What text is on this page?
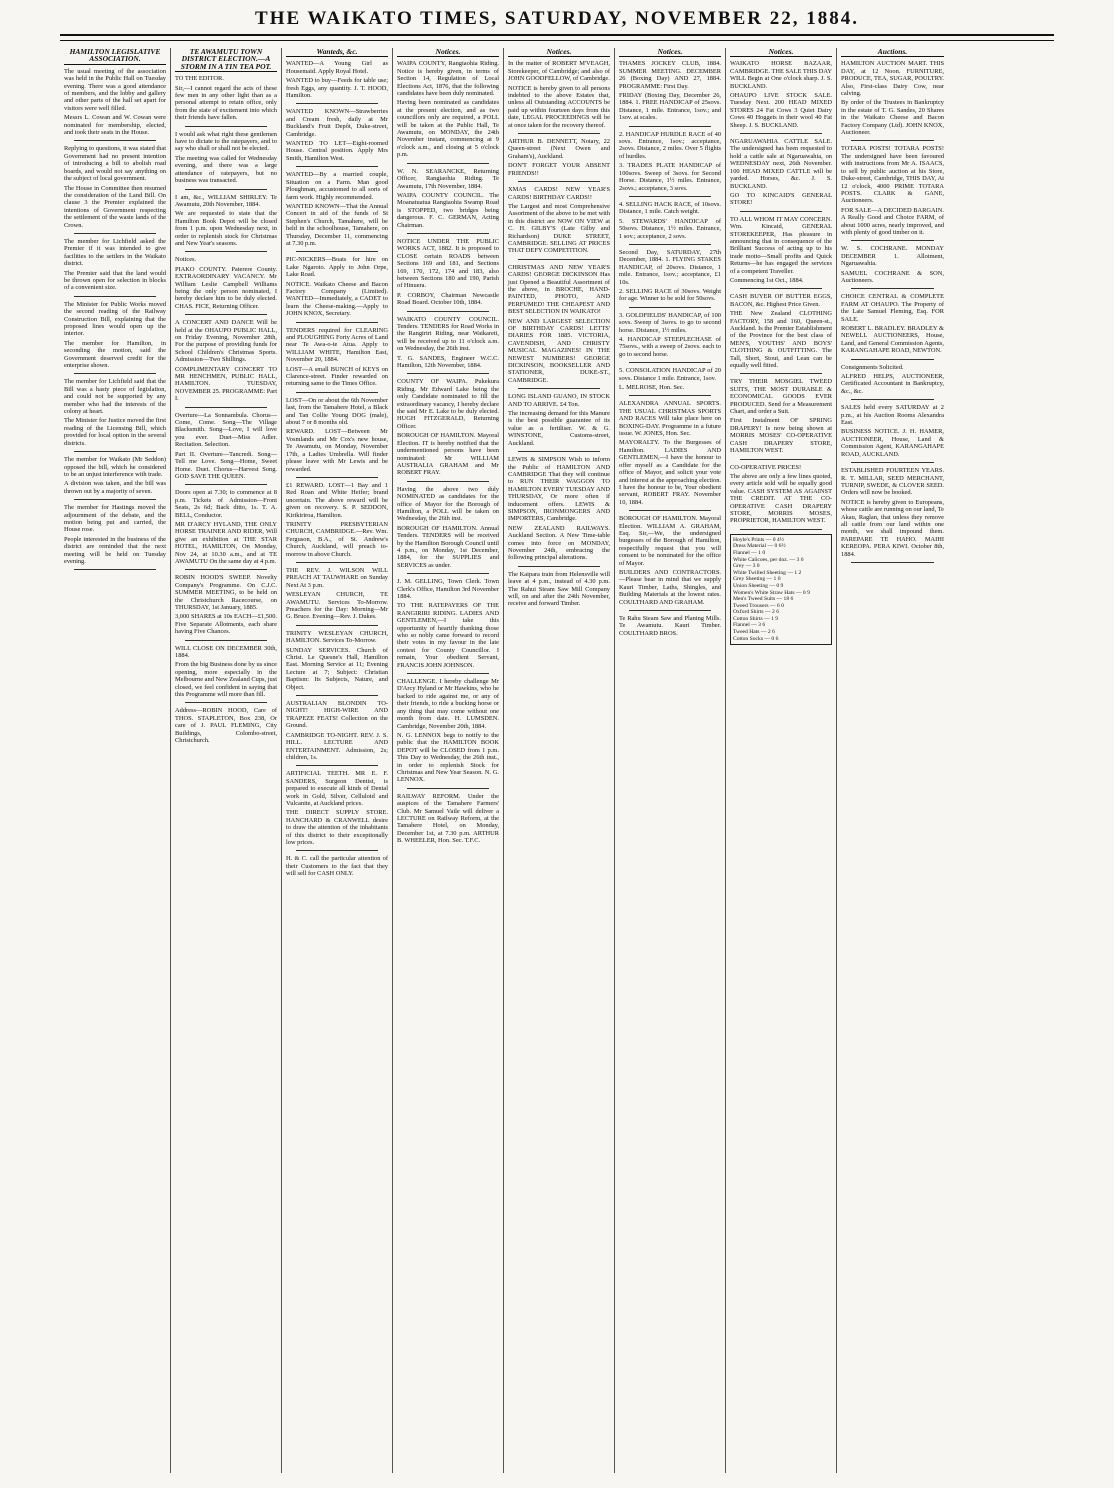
THE WAIKATO TIMES, SATURDAY, NOVEMBER 22, 1884.
HAMILTON LEGISLATIVE ASSOCIATION.

The usual meeting of the association was held in the Public Hall on Tuesday evening. There was a good attendance of members, and the lobby and gallery and other parts of the hall set apart for visitors were well filled.

Messrs L. Cowan and W. Cowan were nominated for membership, elected, and took their seats in the House.

Replying to questions, it was stated that Government had no present intention of introducing a bill to abolish road boards, and would not say anything on the subject of local government.

The House in Committee then resumed the consideration of the Land Bill. On clause 3 the Premier explained the intentions of Government respecting the settlement of the waste lands of the Crown.

The member for Lichfield asked the Premier if it was intended to give facilities to the settlers in the Waikato district.

The Premier said that the land would be thrown open for selection in blocks of a convenient size.

The Minister for Public Works moved the second reading of the Railway Construction Bill, explaining that the proposed lines would open up the interior.

The member for Hamilton, in seconding the motion, said the Government deserved credit for the enterprise shown.

The member for Lichfield said that the Bill was a hasty piece of legislation, and could not be supported by any member who had the interests of the colony at heart.

The Minister for Justice moved the first reading of the Licensing Bill, which provided for local option in the several districts.

The member for Waikato (Mr Seddon) opposed the bill, which he considered to be an unjust interference with trade.

A division was taken, and the bill was thrown out by a majority of seven.

The member for Hastings moved the adjournment of the debate, and the motion being put and carried, the House rose.

People interested in the business of the district are reminded that the next meeting will be held on Tuesday evening.

TE AWAMUTU TOWN DISTRICT ELECTION.—A STORM IN A TIN TEA POT.

TO THE EDITOR.

Sir,—I cannot regard the acts of these few men in any other light than as a personal attempt to retain office, only from the state of excitement into which their friends have fallen.

I would ask what right these gentlemen have to dictate to the ratepayers, and to say who shall or shall not be elected.

The meeting was called for Wednesday evening, and there was a large attendance of ratepayers, but no business was transacted.

I am, &c., WILLIAM SHIRLEY. Te Awamutu, 20th November, 1884.

We are requested to state that the Hamilton Book Depot will be closed from 1 p.m. upon Wednesday next, in order to replenish stock for Christmas and New Year's seasons.

Notices.

PIAKO COUNTY. Paterere County. EXTRAORDINARY VACANCY. Mr William Leslie Campbell Williams being the only person nominated, I hereby declare him to be duly elected. CHAS. FICE, Returning Officer.

A CONCERT AND DANCE Will be held at the OHAUPO PUBLIC HALL, on Friday Evening, November 28th, For the purpose of providing funds for School Children's Christmas Sports. Admission—Two Shillings.

COMPLIMENTARY CONCERT TO MR HENCHMEN, PUBLIC HALL, HAMILTON. TUESDAY, NOVEMBER 25. PROGRAMME: Part I.

Overture—La Sonnambula. Chorus—Come, Come. Song—The Village Blacksmith. Song—Love, I will love you ever. Duet—Miss Adler. Recitation. Selection.

Part II. Overture—Tancredi. Song—Tell me Love. Song—Home, Sweet Home. Duet. Chorus—Harvest Song. GOD SAVE THE QUEEN.

Doors open at 7.30; to commence at 8 p.m. Tickets of Admission—Front Seats, 2s 6d; Back ditto, 1s. T. A. BELL, Conductor.

MR D'ARCY HYLAND, THE ONLY HORSE TRAINER AND RIDER, Will give an exhibition at THE STAR HOTEL, HAMILTON, On Monday, Nov 24, at 10.30 a.m., and at TE AWAMUTU On the same day at 4 p.m.

ROBIN HOOD'S SWEEP. Novelty Company's Programme. On C.J.C. SUMMER MEETING, to be held on the Christchurch Racecourse, on THURSDAY, 1st January, 1885.

3,000 SHARES at 10s EACH—£1,500. Five Separate Allotments, each share having Five Chances.

WILL CLOSE ON DECEMBER 30th, 1884.

From the big Business done by us since opening, more especially in the Melbourne and New Zealand Cups, just closed, we feel confident in saying that this Programme will more than fill.

Address—ROBIN HOOD, Care of THOS. STAPLETON, Box 238, Or care of J. PAUL FLEMING, City Buildings, Colombo-street, Christchurch.

Wanteds, &c.

WANTED—A Young Girl as Housemaid. Apply Royal Hotel.

WANTED to buy—Feeds for table use; fresh Eggs, any quantity. J. T. HOOD, Hamilton.

WANTED KNOWN—Strawberries and Cream fresh, daily at Mr Buckland's Fruit Depôt, Duke-street, Cambridge.

WANTED TO LET—Eight-roomed House. Central position. Apply Mrs Smith, Hamilton West.

WANTED—By a married couple, Situation on a Farm. Man good Ploughman, accustomed to all sorts of farm work. Highly recommended.

WANTED KNOWN—That the Annual Concert in aid of the funds of St Stephen's Church, Tamahere, will be held in the schoolhouse, Tamahere, on Thursday, December 11, commencing at 7.30 p.m.

PIC-NICKERS—Boats for hire on Lake Ngaroto. Apply to John Orpe, Lake Road.

NOTICE. Waikato Cheese and Bacon Factory Company (Limited). WANTED—Immediately, a CADET to learn the Cheese-making.—Apply to JOHN KNOX, Secretary.

TENDERS required for CLEARING and PLOUGHING Forty Acres of Land near Te Awa-o-te Atua. Apply to WILLIAM WHITE, Hamilton East, November 20, 1884.

LOST—A small BUNCH of KEYS on Clarence-street. Finder rewarded on returning same to the Times Office.

LOST—On or about the 6th November last, from the Tamahere Hotel, a Black and Tan Collie Young DOG (male), about 7 or 8 months old.

REWARD. LOST—Between Mr Vosmlands and Mr Cox's new house, Te Awamutu, on Monday, November 17th, a Ladies Umbrella. Will finder please leave with Mr Lewis and be rewarded.

£1 REWARD. LOST—1 Bay and 1 Red Roan and White Heifer; brand uncertain. The above reward will be given on recovery. S. P. SEDDON, Kirikiriroa, Hamilton.

TRINITY PRESBYTERIAN CHURCH, CAMBRIDGE.—Rev. Wm. Ferguson, B.A., of St. Andrew's Church, Auckland, will preach to-morrow in above Church.

THE REV. J. WILSON WILL PREACH AT TAUWHARE on Sunday Next At 3 p.m.

WESLEYAN CHURCH, TE AWAMUTU. Services To-Morrow. Preachers for the Day: Morning—Mr G. Bruce. Evening—Rev. J. Dukes.

TRINITY WESLEYAN CHURCH, HAMILTON. Services To-Morrow.

SUNDAY SERVICES. Church of Christ. Le Quesne's Hall, Hamilton East. Morning Service at 11; Evening Lecture at 7; Subject: Christian Baptism: Its Subjects, Nature, and Object.

AUSTRALIAN BLONDIN TO-NIGHT! HIGH-WIRE AND TRAPEZE FEATS! Collection on the Ground.

CAMBRIDGE TO-NIGHT. REV. J. S. HILL. LECTURE AND ENTERTAINMENT. Admission, 2s; children, 1s.

ARTIFICIAL TEETH. MR E. F. SANDERS, Surgeon Dentist, is prepared to execute all kinds of Dental work in Gold, Silver, Celluloid and Vulcanite, at Auckland prices.

THE DIRECT SUPPLY STORE. HANCHARD & CRANWELL desire to draw the attention of the inhabitants of this district to their exceptionally low prices.

H. & C. call the particular attention of their Customers to the fact that they will sell for CASH ONLY.

Notices.

WAIPA COUNTY, Rangiaohia Riding. Notice is hereby given, in terms of Section 14, Regulation of Local Elections Act, 1876, that the following candidates have been duly nominated.

Having been nominated as candidates at the present election, and as two councillors only are required, a POLL will be taken at the Public Hall, Te Awamutu, on MONDAY, the 24th November instant, commencing at 9 o'clock a.m., and closing at 5 o'clock p.m.

W. N. SEARANCKE, Returning Officer, Rangiaohia Riding. Te Awamutu, 17th November, 1884.

WAIPA COUNTY COUNCIL. The Moanatuatua Rangiaohia Swamp Road is STOPPED, two bridges being dangerous. F. C. GERMAN, Acting Chairman.

NOTICE UNDER THE PUBLIC WORKS ACT, 1882. It is proposed to CLOSE certain ROADS between Sections 169 and 181, and Sections 169, 170, 172, 174 and 183, also between Sections 180 and 190, Parish of Hinuera.

P. CORBOY, Chairman Newcastle Road Board. October 10th, 1884.

WAIKATO COUNTY COUNCIL. Tenders. TENDERS for Road Works in the Rangiriri Riding, near Waikareti, will be received up to 11 o'clock a.m. on Wednesday, the 26th inst.

T. G. SANDES, Engineer W.C.C. Hamilton, 12th November, 1884.

COUNTY OF WAIPA. Pukekura Riding. Mr Edward Lake being the only Candidate nominated to fill the extraordinary vacancy, I hereby declare the said Mr E. Lake to be duly elected. HUGH FITZGERALD, Returning Officer.

BOROUGH OF HAMILTON. Mayoral Election. IT is hereby notified that the undermentioned persons have been nominated: Mr WILLIAM AUSTRALIA GRAHAM and Mr ROBERT FRAY.

Having the above two duly NOMINATED as candidates for the office of Mayor for the Borough of Hamilton, a POLL will be taken on Wednesday, the 26th inst.

BOROUGH OF HAMILTON. Annual Tenders. TENDERS will be received by the Hamilton Borough Council until 4 p.m., on Monday, 1st December, 1884, for the SUPPLIES and SERVICES as under.

J. M. GELLING, Town Clerk. Town Clerk's Office, Hamilton 3rd November 1884.

TO THE RATEPAYERS OF THE RANGIRIRI RIDING. LADIES AND GENTLEMEN,—I take this opportunity of heartily thanking those who so nobly came forward to record their votes in my favour in the late contest for County Councillor. I remain, Your obedient Servant, FRANCIS JOHN JOHNSON.

CHALLENGE. I hereby challenge Mr D'Arcy Hyland or Mr Hawkins, who he backed to ride against me, or any of their friends, to ride a bucking horse or any thing that may come without one month from date. H. LUMSDEN. Cambridge, November 20th, 1884.

N. G. LENNOX begs to notify to the public that the HAMILTON BOOK DEPOT will be CLOSED from 1 p.m. This Day to Wednesday, the 26th inst., in order to replenish Stock for Christmas and New Year Season. N. G. LENNOX.

RAILWAY REFORM. Under the auspices of the Tamahere Farmers' Club. Mr Samuel Vaile will deliver a LECTURE on Railway Reform, at the Tamahere Hotel, on Monday, December 1st, at 7.30 p.m. ARTHUR B. WHEELER, Hon. Sec. T.F.C.

Notices.

In the matter of ROBERT M'VEAGH, Storekeeper, of Cambridge; and also of JOHN GOODFELLOW, of Cambridge.

NOTICE is hereby given to all persons indebted to the above Estates that, unless all Outstanding ACCOUNTS be paid up within fourteen days from this date, LEGAL PROCEEDINGS will be at once taken for the recovery thereof.

ARTHUR B. DENNETT, Notary, 22 Queen-street (Next Owen and Graham's), Auckland.

DON'T FORGET YOUR ABSENT FRIENDS!!

XMAS CARDS! NEW YEAR'S CARDS! BIRTHDAY CARDS!!

The Largest and most Comprehensive Assortment of the above to be met with in this district are NOW ON VIEW at C. H. GILBY'S (Late Gilby and Richardson) DUKE STREET, CAMBRIDGE. SELLING AT PRICES THAT DEFY COMPETITION.

CHRISTMAS AND NEW YEAR'S CARDS! GEORGE DICKINSON Has just Opened a Beautiful Assortment of the above, in BROCHE, HAND-PAINTED, PHOTO, AND PERFUMED! THE CHEAPEST AND BEST SELECTION IN WAIKATO!

NEW AND LARGEST SELECTION OF BIRTHDAY CARDS! LETTS' DIARIES FOR 1885. VICTORIA, CAVENDISH, AND CHRISTY MUSICAL MAGAZINES! IN THE NEWEST NUMBERS! GEORGE DICKINSON, BOOKSELLER AND STATIONER, DUKE-ST., CAMBRIDGE.

LONG ISLAND GUANO, IN STOCK AND TO ARRIVE. £4 Ton.

The increasing demand for this Manure is the best possible guarantee of its value as a fertiliser. W. & G. WINSTONE, Customs-street, Auckland.

LEWIS & SIMPSON Wish to inform the Public of HAMILTON AND CAMBRIDGE That they will continue to RUN THEIR WAGGON TO HAMILTON EVERY TUESDAY AND THURSDAY, Or more often if inducement offers. LEWIS & SIMPSON, IRONMONGERS AND IMPORTERS, Cambridge.

NEW ZEALAND RAILWAYS. Auckland Section. A New Time-table comes into force on MONDAY, November 24th, embracing the following principal alterations.

The Kaipara train from Helensville will leave at 4 p.m., instead of 4.30 p.m. The Rahui Steam Saw Mill Company will, on and after the 24th November, receive and forward Timber.

Notices.

THAMES JOCKEY CLUB, 1884. SUMMER MEETING. DECEMBER 26 (Boxing Day) AND 27, 1884. PROGRAMME: First Day.

FRIDAY (Boxing Day, December 26, 1884. 1. FREE HANDICAP of 25sovs. Distance, 1 mile. Entrance, 1sov.; and 1sov. at scales.

2. HANDICAP HURDLE RACE of 40 sovs. Entrance, 1sov.; acceptance, 2sovs. Distance, 2 miles. Over 5 flights of hurdles.

3. TRADES PLATE HANDICAP of 100sovs. Sweep of 3sovs. for Second Horse. Distance, 1½ miles. Entrance, 2sovs.; acceptance, 3 sovs.

4. SELLING HACK RACE, of 10sovs. Distance, 1 mile. Catch weight.

5. STEWARDS' HANDICAP of 50sovs. Distance, 1½ miles. Entrance, 1 sov.; acceptance, 2 sovs.

Second Day, SATURDAY, 27th December, 1884. 1. FLYING STAKES HANDICAP, of 20sovs. Distance, 1 mile. Entrance, 1sov.; acceptance, £1 10s.

2. SELLING RACE of 30sovs. Weight for age. Winner to be sold for 50sovs.

3. GOLDFIELDS' HANDICAP, of 100 sovs. Sweep of 3sovs. to go to second horse. Distance, 1½ miles.

4. HANDICAP STEEPLECHASE of 75sovs., with a sweep of 2sovs. each to go to second horse.

5. CONSOLATION HANDICAP of 20 sovs. Distance 1 mile. Entrance, 1sov.

L. MELROSE, Hon. Sec.

ALEXANDRA ANNUAL SPORTS. THE USUAL CHRISTMAS SPORTS AND RACES Will take place here on BOXING-DAY. Programme in a future issue. W. JONES, Hon. Sec.

MAYORALTY. To the Burgesses of Hamilton. LADIES AND GENTLEMEN,—I have the honour to offer myself as a Candidate for the office of Mayor, and solicit your vote and interest at the approaching election. I have the honour to be, Your obedient servant, ROBERT FRAY. November 10, 1884.

BOROUGH OF HAMILTON. Mayoral Election. WILLIAM A. GRAHAM, Esq. Sir,—We, the undersigned burgesses of the Borough of Hamilton, respectfully request that you will consent to be nominated for the office of Mayor.

BUILDERS AND CONTRACTORS.—Please bear in mind that we supply Kauri Timber, Laths, Shingles, and Building Materials at the lowest rates. COULTHARD AND GRAHAM.

Te Rahu Steam Saw and Planing Mills. Te Awamutu. Kauri Timber. COULTHARD BROS.

Notices.

WAIKATO HORSE BAZAAR, CAMBRIDGE. THE SALE THIS DAY WILL Begin at One o'clock sharp. J. S. BUCKLAND.

OHAUPO LIVE STOCK SALE. Tuesday Next. 200 HEAD MIXED STORES 24 Fat Cows 3 Quiet Dairy Cows 40 Hoggets in their wool 40 Fat Sheep. J. S. BUCKLAND.

NGARUAWAHIA CATTLE SALE. The undersigned has been requested to hold a cattle sale at Ngaruawahia, on WEDNESDAY next, 26th November. 100 HEAD MIXED CATTLE will be yarded. Horses, &c. J. S. BUCKLAND.

GO TO KINCAID'S GENERAL STORE!

TO ALL WHOM IT MAY CONCERN. Wm. Kincaid, GENERAL STOREKEEPER, Has pleasure in announcing that in consequence of the Brilliant Success of acting up to his trade motto—Small profits and Quick Returns—he has engaged the services of a competent Traveller.

Commencing 1st Oct., 1884.

CASH BUYER OF BUTTER EGGS, BACON, &c. Highest Price Given.

THE New Zealand CLOTHING FACTORY, 158 and 160, Queen-st., Auckland. Is the Premier Establishment of the Province for the best class of MEN'S, YOUTHS' AND BOYS' CLOTHING & OUTFITTING. The Tall, Short, Stout, and Lean can be equally well fitted.

TRY THEIR MOSGIEL TWEED SUITS, THE MOST DURABLE & ECONOMICAL GOODS EVER PRODUCED. Send for a Measurement Chart, and order a Suit.

First Instalment OF SPRING DRAPERY! Is now being shown at MORRIS MOSES' CO-OPERATIVE CASH DRAPERY STORE, HAMILTON WEST.

CO-OPERATIVE PRICES!

The above are only a few lines quoted, every article sold will be equally good value. CASH SYSTEM AS AGAINST THE CREDIT. AT THE CO-OPERATIVE CASH DRAPERY STORE, MORRIS MOSES, PROPRIETOR, HAMILTON WEST.

Hoyle's Prints — 0 4½
Dress Material — 0 6½
Flannel — 1 0
White Calicoes, per doz. — 3 6
Grey — 3 0
White Twilled Sheeting — 1 2
Grey Sheeting — 1 0
Union Sheeting — 0 9
Women's White Straw Hats — 0 9
Men's Tweed Suits — 18 6
Tweed Trousers — 6 0
Oxford Shirts — 2 6
Cotton Shirts — 1 9
Flannel — 3 6
Tweed Hats — 2 6
Cotton Socks — 0 6
Auctions.

HAMILTON AUCTION MART. THIS DAY, at 12 Noon. FURNITURE, PRODUCE, TEA, SUGAR, POULTRY. Also, First-class Dairy Cow, near calving.

By order of the Trustees in Bankruptcy in the estate of T. G. Sandes, 20 Shares in the Waikato Cheese and Bacon Factory Company (Ltd). JOHN KNOX, Auctioneer.

TOTARA POSTS! TOTARA POSTS! The undersigned have been favoured with instructions from Mr A. ISAACS, to sell by public auction at his Store, Duke-street, Cambridge, THIS DAY, At 12 o'clock, 4000 PRIME TOTARA POSTS. CLARK & GANE, Auctioneers.

FOR SALE—A DECIDED BARGAIN. A Really Good and Choice FARM, of about 1000 acres, nearly improved, and with plenty of good timber on it.

W. S. COCHRANE. MONDAY DECEMBER 1. Allotment, Ngaruawahia.

SAMUEL COCHRANE & SON, Auctioneers.

CHOICE CENTRAL & COMPLETE FARM AT OHAUPO. The Property of the Late Samuel Fleming, Esq. FOR SALE.

ROBERT L. BRADLEY. BRADLEY & NEWELL AUCTIONEERS, House, Land, and General Commission Agents, KARANGAHAPE ROAD, NEWTON.

Consignments Solicited.

ALFRED HELPS, AUCTIONEER, Certificated Accountant in Bankruptcy, &c., &c.

SALES held every SATURDAY at 2 p.m., at his Auction Rooms Alexandra East.

BUSINESS NOTICE. J. H. HAMER, AUCTIONEER, House, Land & Commission Agent, KARANGAHAPE ROAD, AUCKLAND.

ESTABLISHED FOURTEEN YEARS. R. T. MILLAR, SEED MERCHANT, TURNIP, SWEDE, & CLOVER SEED. Orders will now be booked.

NOTICE is hereby given to Europeans, whose cattle are running on our land, Te Akau, Raglan, that unless they remove all cattle from our land within one month, we shall impound them. PAREPARE TE HAHO. MAIHI KEREOPA. PERA KIWI. October 8th, 1884.
